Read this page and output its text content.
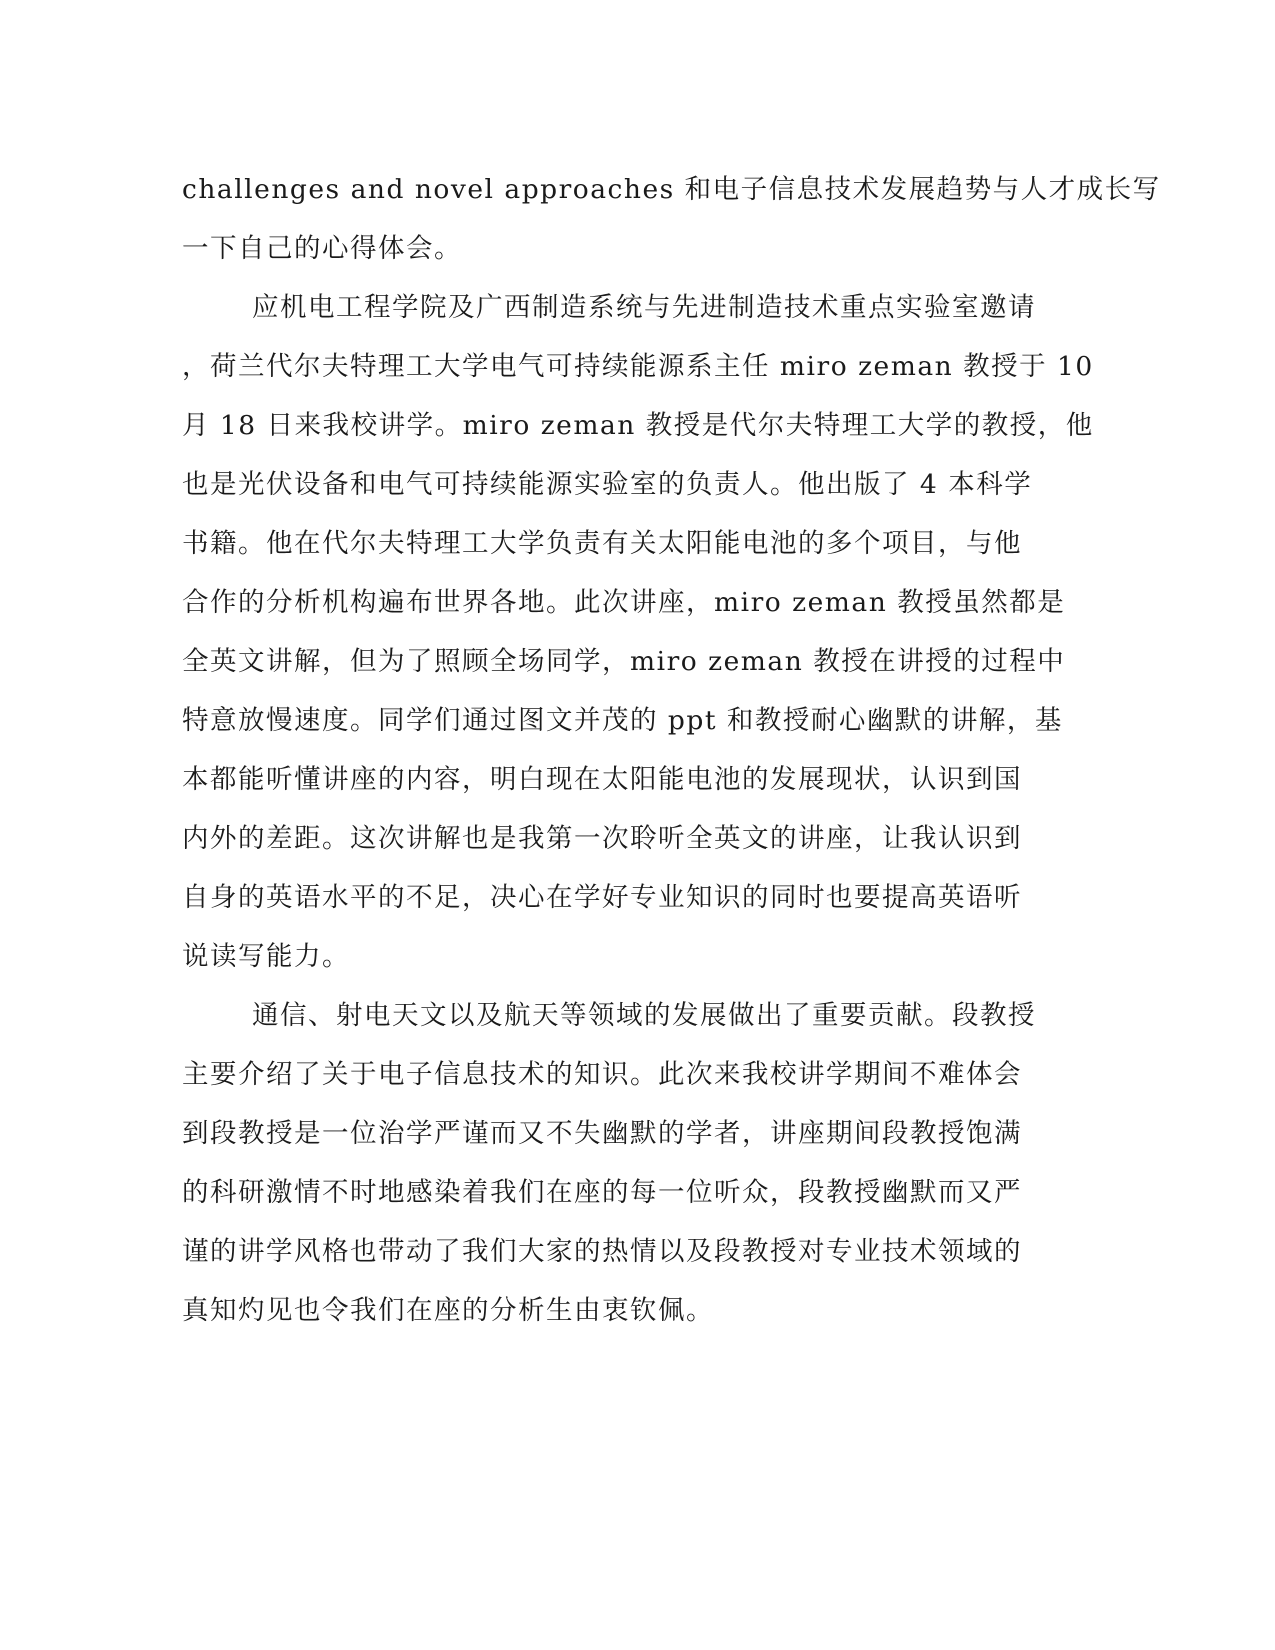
challenges and novel approaches 和电子信息技术发展趋势与人才成长写
一下自己的心得体会。
应机电工程学院及广西制造系统与先进制造技术重点实验室邀请
，荷兰代尔夫特理工大学电气可持续能源系主任 miro zeman 教授于 10
月 18 日来我校讲学。miro zeman 教授是代尔夫特理工大学的教授，他
也是光伏设备和电气可持续能源实验室的负责人。他出版了 4 本科学
书籍。他在代尔夫特理工大学负责有关太阳能电池的多个项目，与他
合作的分析机构遍布世界各地。此次讲座，miro zeman 教授虽然都是
全英文讲解，但为了照顾全场同学，miro zeman 教授在讲授的过程中
特意放慢速度。同学们通过图文并茂的 ppt 和教授耐心幽默的讲解，基
本都能听懂讲座的内容，明白现在太阳能电池的发展现状，认识到国
内外的差距。这次讲解也是我第一次聆听全英文的讲座，让我认识到
自身的英语水平的不足，决心在学好专业知识的同时也要提高英语听
说读写能力。
通信、射电天文以及航天等领域的发展做出了重要贡献。段教授
主要介绍了关于电子信息技术的知识。此次来我校讲学期间不难体会
到段教授是一位治学严谨而又不失幽默的学者，讲座期间段教授饱满
的科研激情不时地感染着我们在座的每一位听众，段教授幽默而又严
谨的讲学风格也带动了我们大家的热情以及段教授对专业技术领域的
真知灼见也令我们在座的分析生由衷钦佩。
